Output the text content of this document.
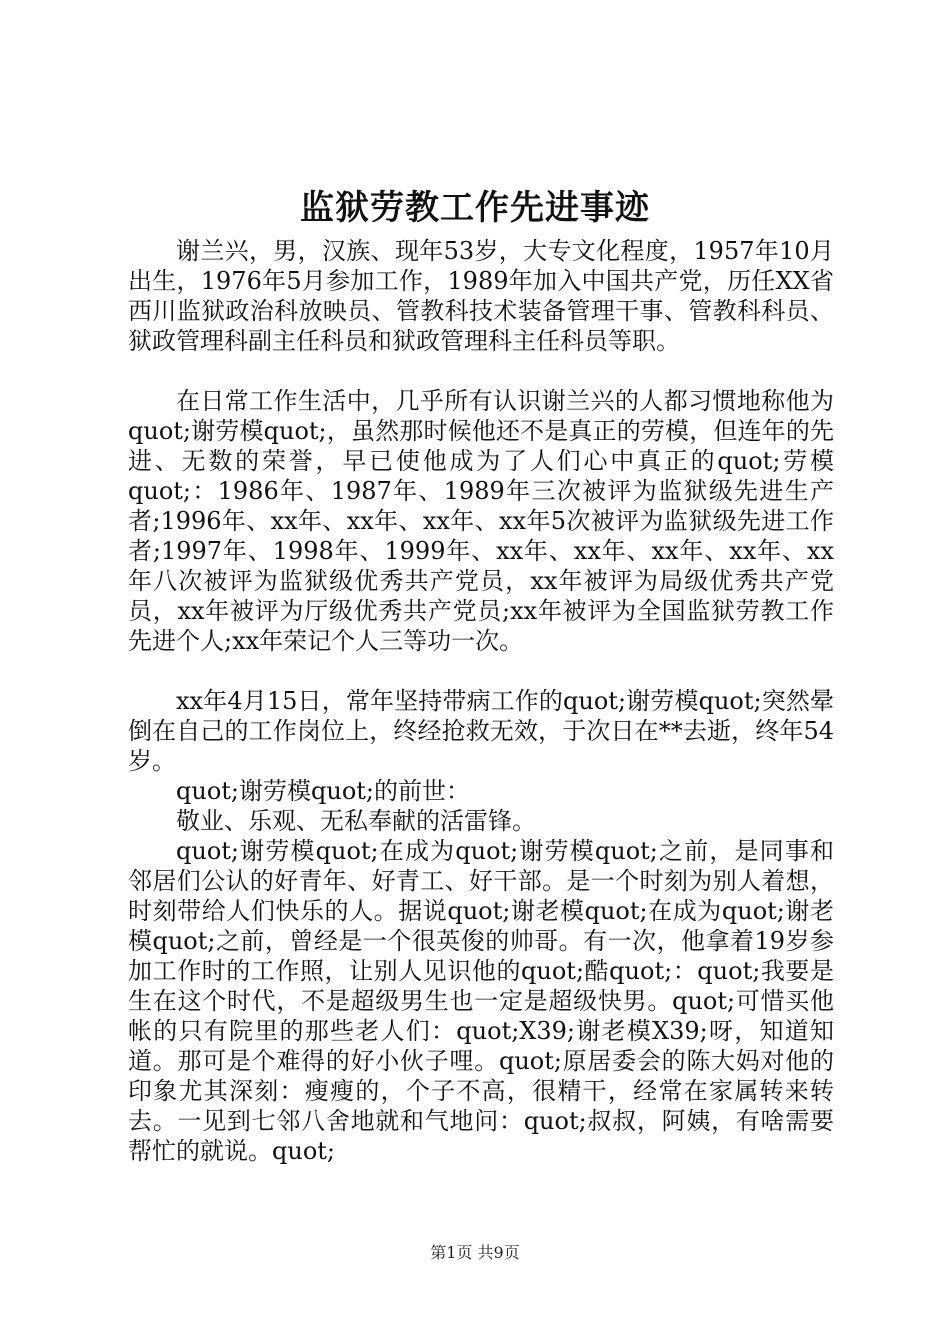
监狱劳教工作先进事迹

谢兰兴，男，汉族、现年53岁，大专文化程度，1957年10月出生，1976年5月参加工作，1989年加入中国共产党，历任XX省西川监狱政治科放映员、管教科技术装备管理干事、管教科科员、狱政管理科副主任科员和狱政管理科主任科员等职。

在日常工作生活中，几乎所有认识谢兰兴的人都习惯地称他为quot;谢劳模quot;，虽然那时候他还不是真正的劳模，但连年的先进、无数的荣誉，早已使他成为了人们心中真正的quot;劳模quot;：1986年、1987年、1989年三次被评为监狱级先进生产者;1996年、xx年、xx年、xx年、xx年5次被评为监狱级先进工作者;1997年、1998年、1999年、xx年、xx年、xx年、xx年、xx年八次被评为监狱级优秀共产党员，xx年被评为局级优秀共产党员，xx年被评为厅级优秀共产党员;xx年被评为全国监狱劳教工作先进个人;xx年荣记个人三等功一次。

xx年4月15日，常年坚持带病工作的quot;谢劳模quot;突然晕倒在自己的工作岗位上，终经抢救无效，于次日在**去逝，终年54岁。

quot;谢劳模quot;的前世：

敬业、乐观、无私奉献的活雷锋。

quot;谢劳模quot;在成为quot;谢劳模quot;之前，是同事和邻居们公认的好青年、好青工、好干部。是一个时刻为别人着想，时刻带给人们快乐的人。据说quot;谢老模quot;在成为quot;谢老模quot;之前，曾经是一个很英俊的帅哥。有一次，他拿着19岁参加工作时的工作照，让别人见识他的quot;酷quot;：quot;我要是生在这个时代，不是超级男生也一定是超级快男。quot;可惜买他帐的只有院里的那些老人们：quot;X39;谢老模X39;呀，知道知道。那可是个难得的好小伙子哩。quot;原居委会的陈大妈对他的印象尤其深刻：瘦瘦的，个子不高，很精干，经常在家属转来转去。一见到七邻八舍地就和气地问：quot;叔叔，阿姨，有啥需要帮忙的就说。quot;

第1页 共9页
